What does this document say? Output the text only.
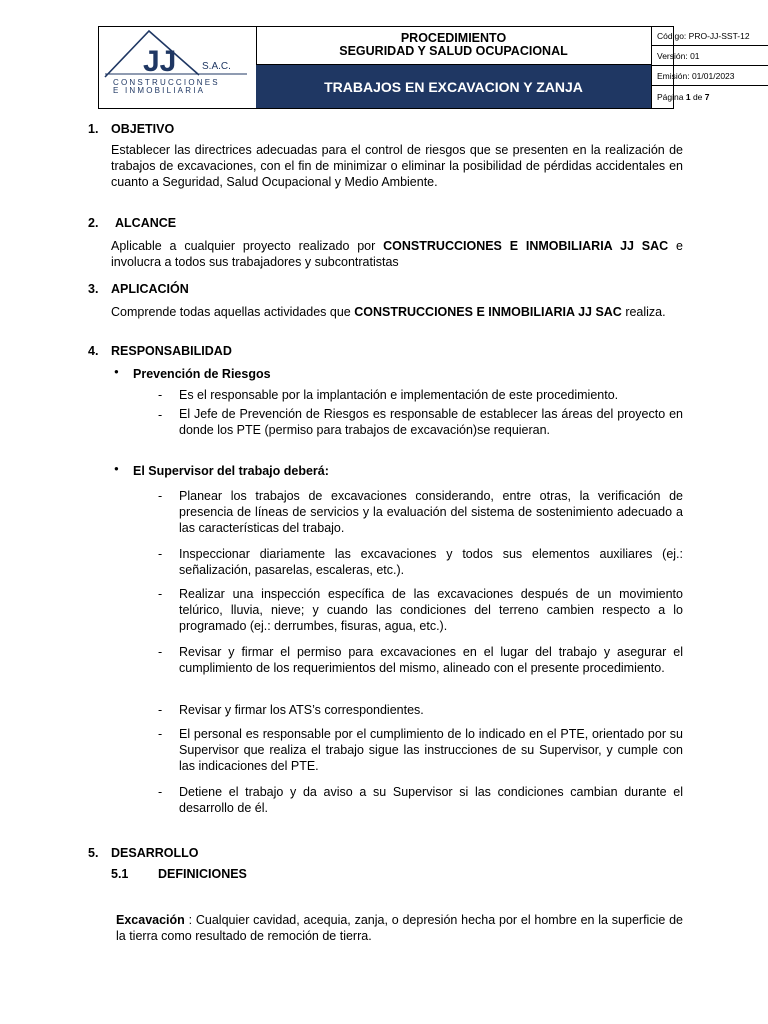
JJ	S.A.C.
CONSTRUCCIONES
E INMOBILIARIA
PROCEDIMIENTO
SEGURIDAD Y SALUD OCUPACIONAL
TRABAJOS EN EXCAVACION Y ZANJA
Código: PRO-JJ-SST-12
Versión: 01
Emisión: 01/01/2023
Página 1 de 7
1. OBJETIVO
Establecer las directrices adecuadas para el control de riesgos que se presenten en la realización de trabajos de excavaciones, con el fin de minimizar o eliminar la posibilidad de pérdidas accidentales en cuanto a Seguridad, Salud Ocupacional y Medio Ambiente.
2. ALCANCE
Aplicable a cualquier proyecto realizado por CONSTRUCCIONES E INMOBILIARIA JJ SAC e involucra a todos sus trabajadores y subcontratistas
3. APLICACIÓN
Comprende todas aquellas actividades que CONSTRUCCIONES E INMOBILIARIA JJ SAC realiza.
4. RESPONSABILIDAD
● Prevención de Riesgos
- Es el responsable por la implantación e implementación de este procedimiento.
- El Jefe de Prevención de Riesgos es responsable de establecer las áreas del proyecto en donde los PTE (permiso para trabajos de excavación)se requieran.
● El Supervisor del trabajo deberá:
- Planear los trabajos de excavaciones considerando, entre otras, la verificación de presencia de líneas de servicios y la evaluación del sistema de sostenimiento adecuado a las características del trabajo.
- Inspeccionar diariamente las excavaciones y todos sus elementos auxiliares (ej.: señalización, pasarelas, escaleras, etc.).
- Realizar una inspección específica de las excavaciones después de un movimiento telúrico, lluvia, nieve; y cuando las condiciones del terreno cambien respecto a lo programado (ej.: derrumbes, fisuras, agua, etc.).
- Revisar y firmar el permiso para excavaciones en el lugar del trabajo y asegurar el cumplimiento de los requerimientos del mismo, alineado con el presente procedimiento.
- Revisar y firmar los ATS’s correspondientes.
- El personal es responsable por el cumplimiento de lo indicado en el PTE, orientado por su Supervisor que realiza el trabajo sigue las instrucciones de su Supervisor, y cumple con las indicaciones del PTE.
- Detiene el trabajo y da aviso a su Supervisor si las condiciones cambian durante el desarrollo de él.
5. DESARROLLO
5.1 DEFINICIONES
Excavación : Cualquier cavidad, acequia, zanja, o depresión hecha por el hombre en la superficie de la tierra como resultado de remoción de tierra.
